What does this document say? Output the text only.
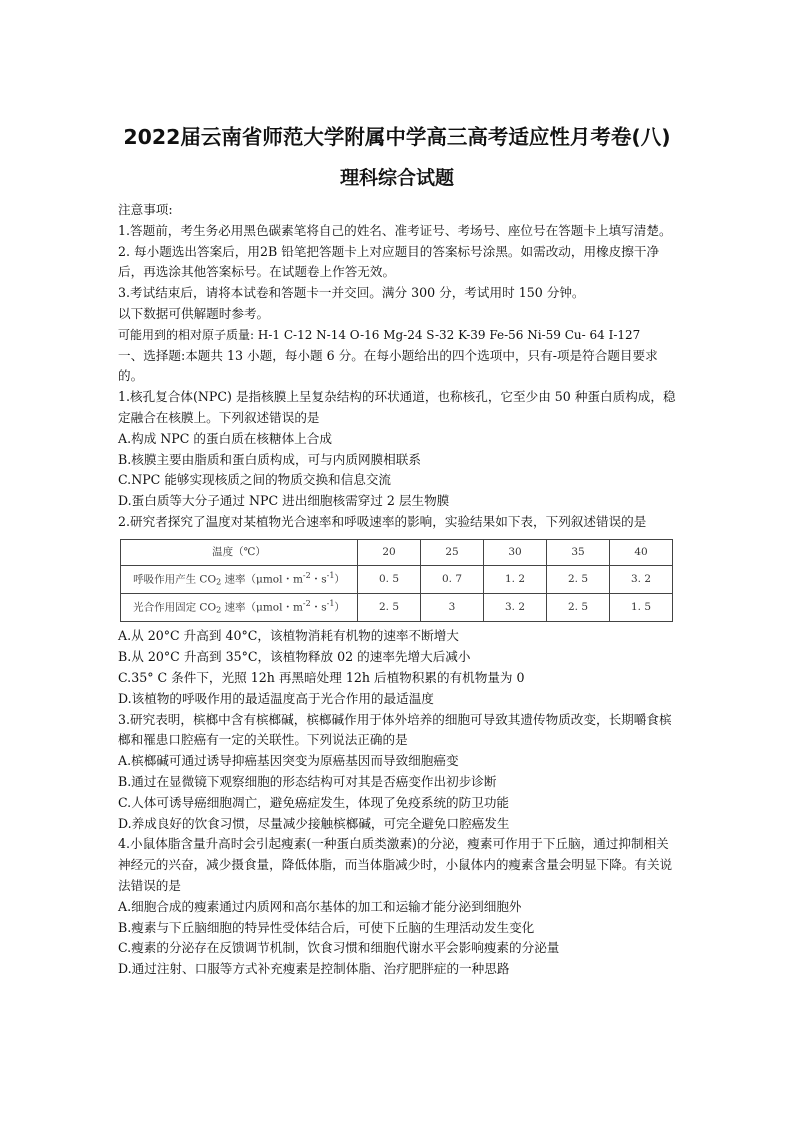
2022届云南省师范大学附属中学高三高考适应性月考卷(八)
理科综合试题
注意事项:
1.答题前，考生务必用黑色碳素笔将自己的姓名、准考证号、考场号、座位号在答题卡上填写清楚。
2. 每小题选出答案后，用2B 铅笔把答题卡上对应题目的答案标号涂黑。如需改动，用橡皮擦干净后，再选涂其他答案标号。在试题卷上作答无效。
3.考试结束后，请将本试卷和答题卡一并交回。满分 300 分，考试用时 150 分钟。
以下数据可供解题时参考。
可能用到的相对原子质量: H-1 C-12 N-14 O-16 Mg-24 S-32 K-39 Fe-56 Ni-59 Cu- 64 I-127
一、选择题:本题共 13 小题，每小题 6 分。在每小题给出的四个选项中，只有-项是符合题目要求的。
1.核孔复合体(NPC) 是指核膜上呈复杂结构的环状通道，也称核孔，它至少由 50 种蛋白质构成，稳定融合在核膜上。下列叙述错误的是
A.构成 NPC 的蛋白质在核糖体上合成
B.核膜主要由脂质和蛋白质构成，可与内质网膜相联系
C.NPC 能够实现核质之间的物质交换和信息交流
D.蛋白质等大分子通过 NPC 进出细胞核需穿过 2 层生物膜
2.研究者探究了温度对某植物光合速率和呼吸速率的影响，实验结果如下表，下列叙述错误的是
温度（℃）	20	25	30	35	40
呼吸作用产生 $CO_2$ 速率（μmol・$m^{-2}$・$s^{-1}$）	0. 5	0. 7	1. 2	2. 5	3. 2
光合作用固定 $CO_2$ 速率（μmol・$m^{-2}$・$s^{-1}$）	2. 5	3	3. 2	2. 5	1. 5
A.从 20°C 升高到 40°C，该植物消耗有机物的速率不断增大
B.从 20°C 升高到 35°C，该植物释放 02 的速率先增大后减小
C.35° C 条件下，光照 12h 再黑暗处理 12h 后植物积累的有机物量为 0
D.该植物的呼吸作用的最适温度高于光合作用的最适温度
3.研究表明，槟榔中含有槟榔碱，槟榔碱作用于体外培养的细胞可导致其遗传物质改变，长期嚼食槟榔和罹患口腔癌有一定的关联性。下列说法正确的是
A.槟榔碱可通过诱导抑癌基因突变为原癌基因而导致细胞癌变
B.通过在显微镜下观察细胞的形态结构可对其是否癌变作出初步诊断
C.人体可诱导癌细胞凋亡，避免癌症发生，体现了免疫系统的防卫功能
D.养成良好的饮食习惯，尽量减少接触槟榔碱，可完全避免口腔癌发生
4.小鼠体脂含量升高时会引起瘦素(一种蛋白质类激素)的分泌，瘦素可作用于下丘脑，通过抑制相关神经元的兴奋，减少摄食量，降低体脂，而当体脂减少时，小鼠体内的瘦素含量会明显下降。有关说法错误的是
A.细胞合成的瘦素通过内质网和高尔基体的加工和运输才能分泌到细胞外
B.瘦素与下丘脑细胞的特异性受体结合后，可使下丘脑的生理活动发生变化
C.瘦素的分泌存在反馈调节机制，饮食习惯和细胞代谢水平会影响瘦素的分泌量
D.通过注射、口服等方式补充瘦素是控制体脂、治疗肥胖症的一种思路
